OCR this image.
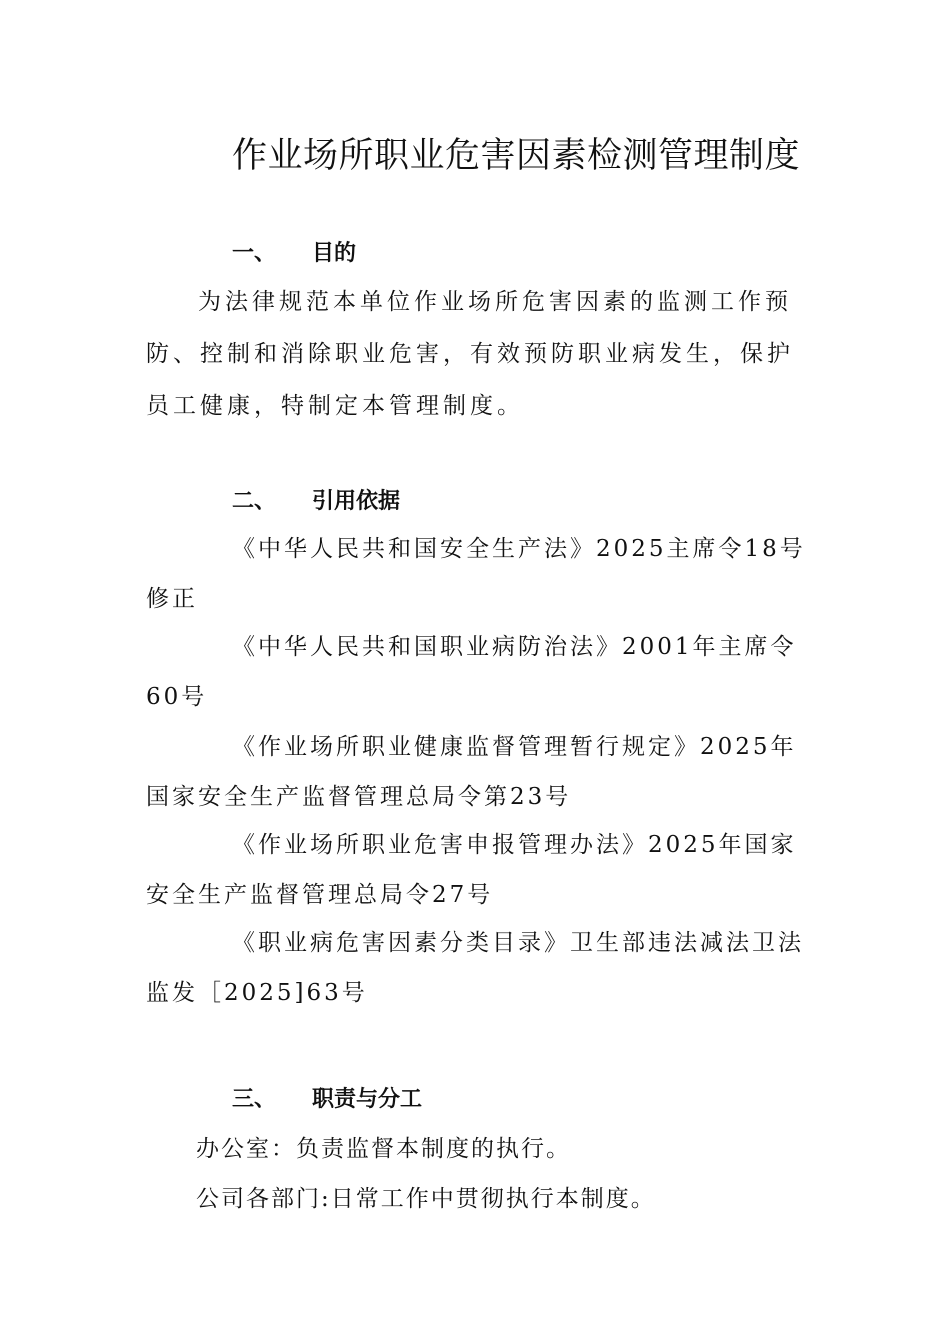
作业场所职业危害因素检测管理制度
一、 目的
为法律规范本单位作业场所危害因素的监测工作预防、控制和消除职业危害，有效预防职业病发生，保护员工健康，特制定本管理制度。
二、 引用依据
《中华人民共和国安全生产法》2025主席令18号修正
《中华人民共和国职业病防治法》2001年主席令60号
《作业场所职业健康监督管理暂行规定》2025年国家安全生产监督管理总局令第23号
《作业场所职业危害申报管理办法》2025年国家安全生产监督管理总局令27号
《职业病危害因素分类目录》卫生部违法减法卫法监发［2025]63号
三、 职责与分工
办公室：负责监督本制度的执行。
公司各部门:日常工作中贯彻执行本制度。
